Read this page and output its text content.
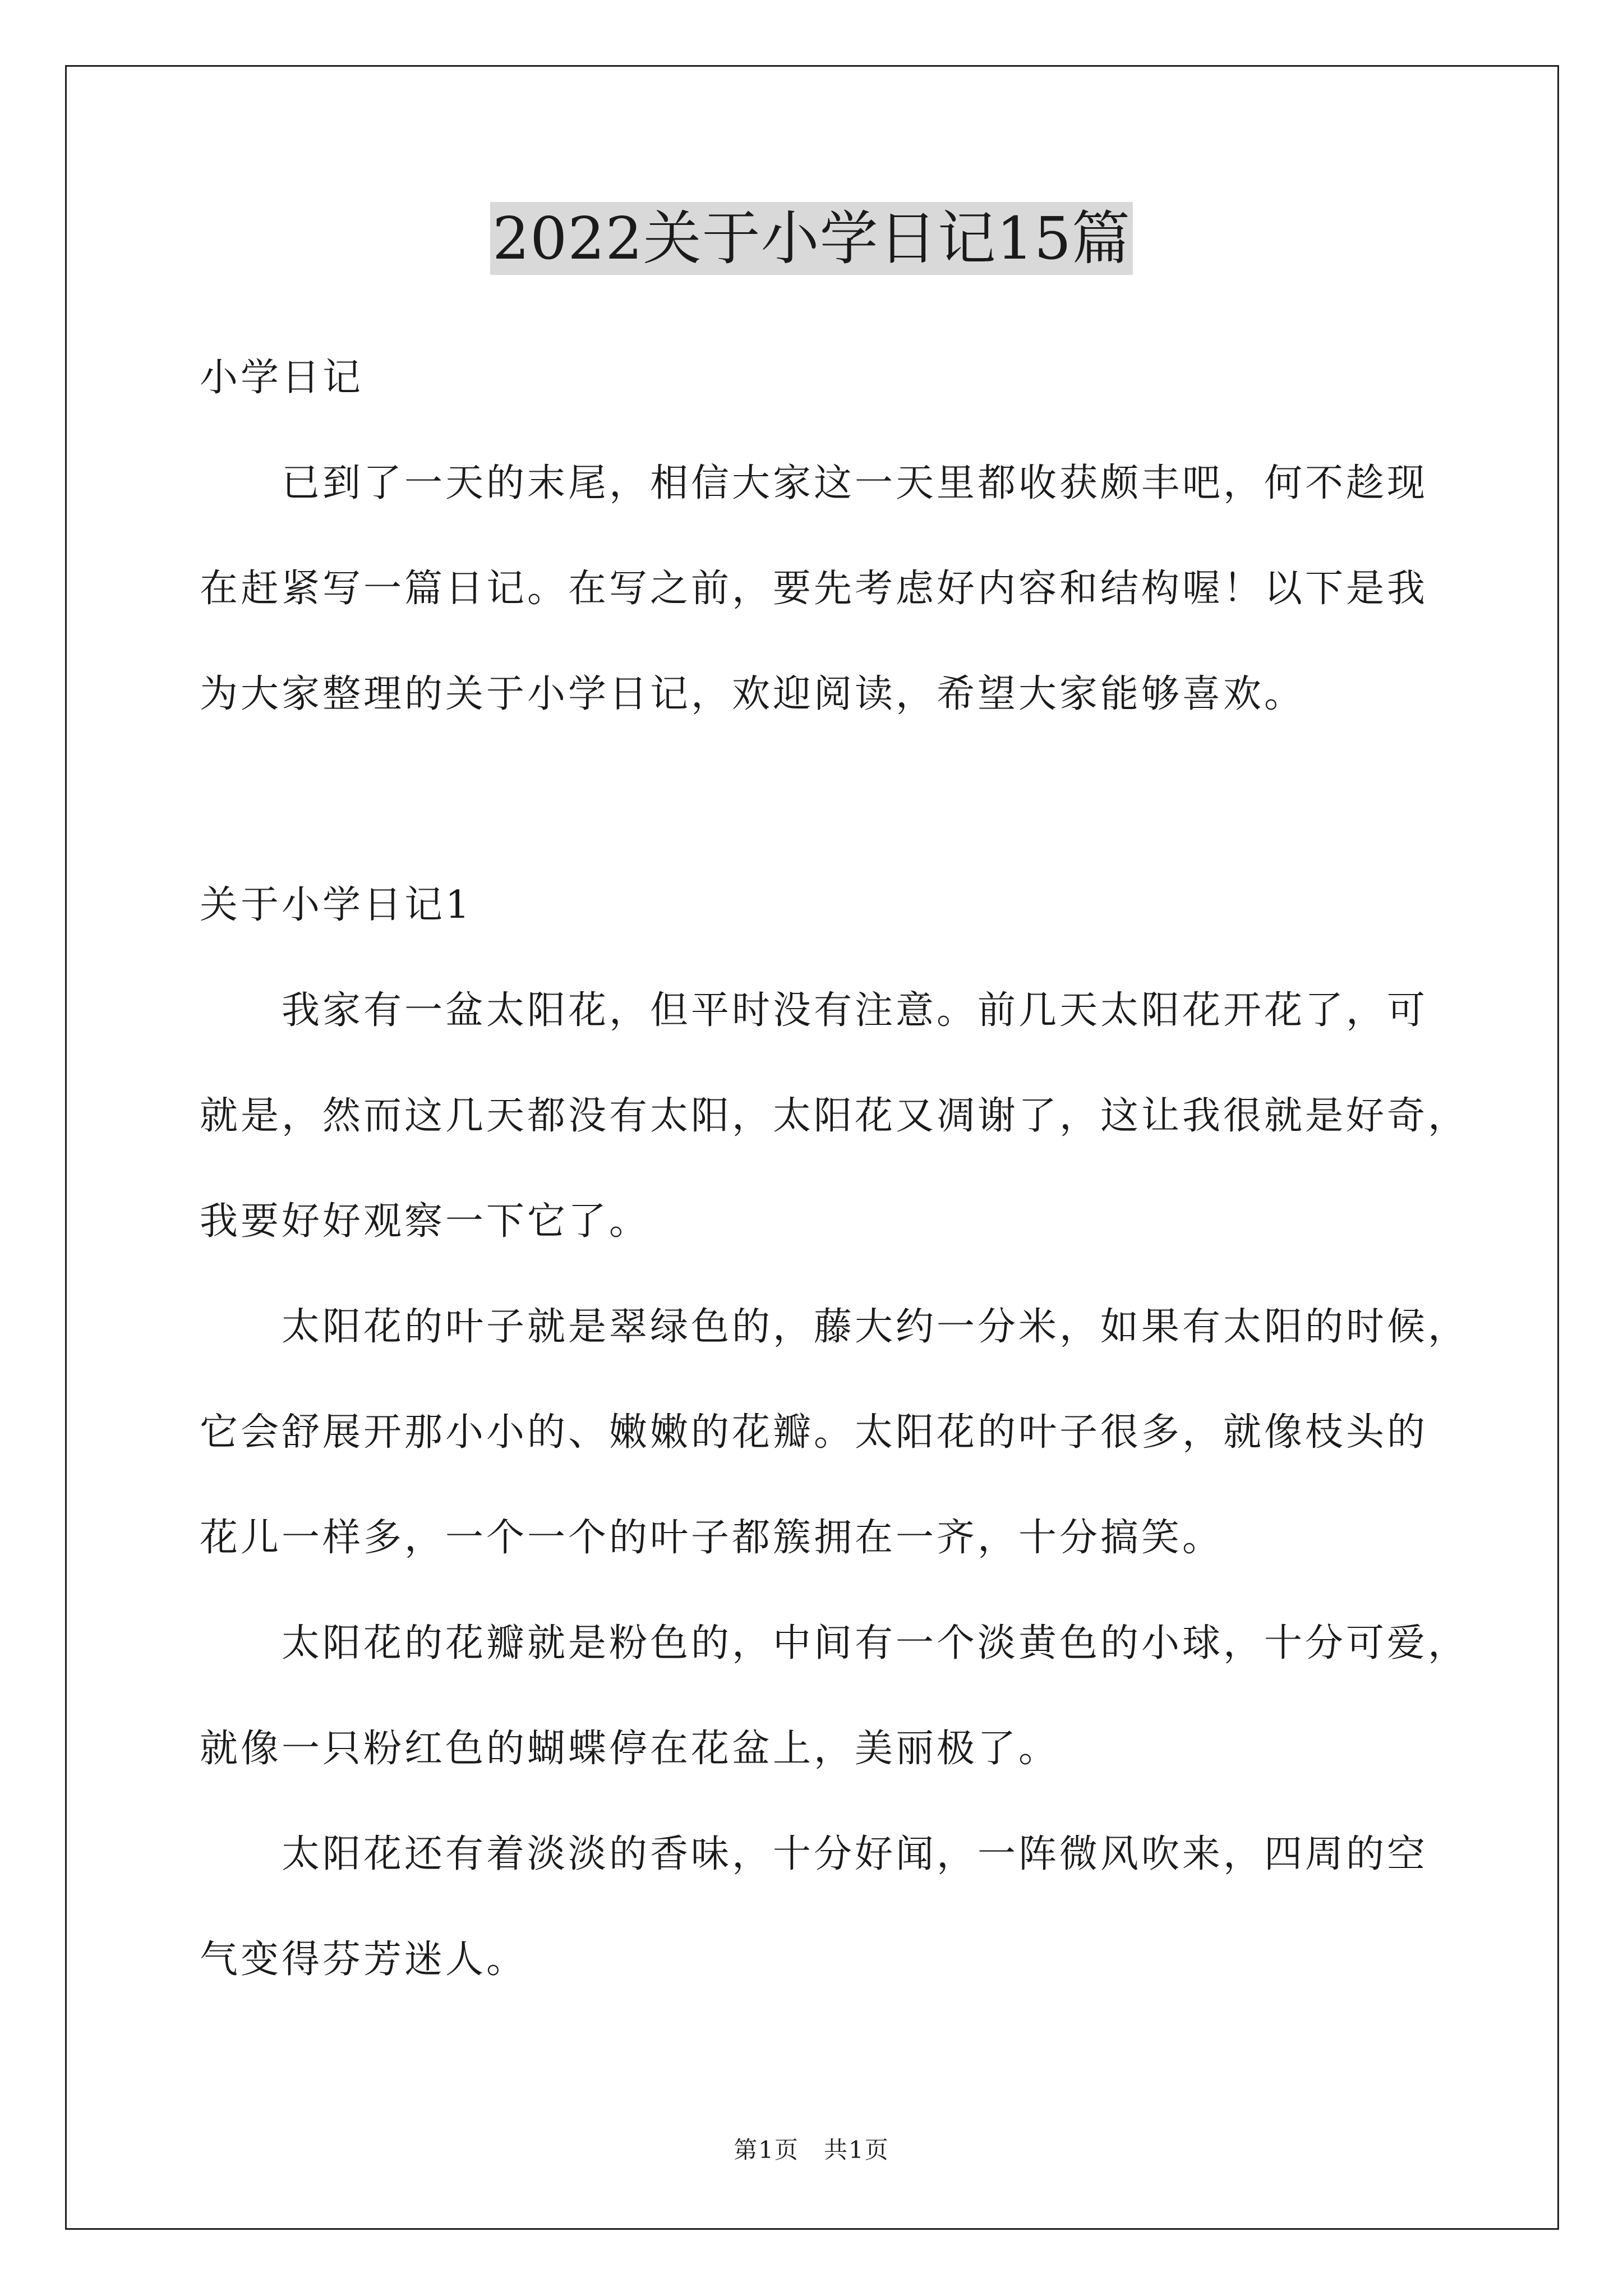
2022关于小学日记15篇
小学日记
已到了一天的末尾，相信大家这一天里都收获颇丰吧，何不趁现
在赶紧写一篇日记。在写之前，要先考虑好内容和结构喔！以下是我
为大家整理的关于小学日记，欢迎阅读，希望大家能够喜欢。
关于小学日记1
我家有一盆太阳花，但平时没有注意。前几天太阳花开花了，可
就是，然而这几天都没有太阳，太阳花又凋谢了，这让我很就是好奇，
我要好好观察一下它了。
太阳花的叶子就是翠绿色的，藤大约一分米，如果有太阳的时候，
它会舒展开那小小的、嫩嫩的花瓣。太阳花的叶子很多，就像枝头的
花儿一样多，一个一个的叶子都簇拥在一齐，十分搞笑。
太阳花的花瓣就是粉色的，中间有一个淡黄色的小球，十分可爱，
就像一只粉红色的蝴蝶停在花盆上，美丽极了。
太阳花还有着淡淡的香味，十分好闻，一阵微风吹来，四周的空
气变得芬芳迷人。
第1页 共1页
